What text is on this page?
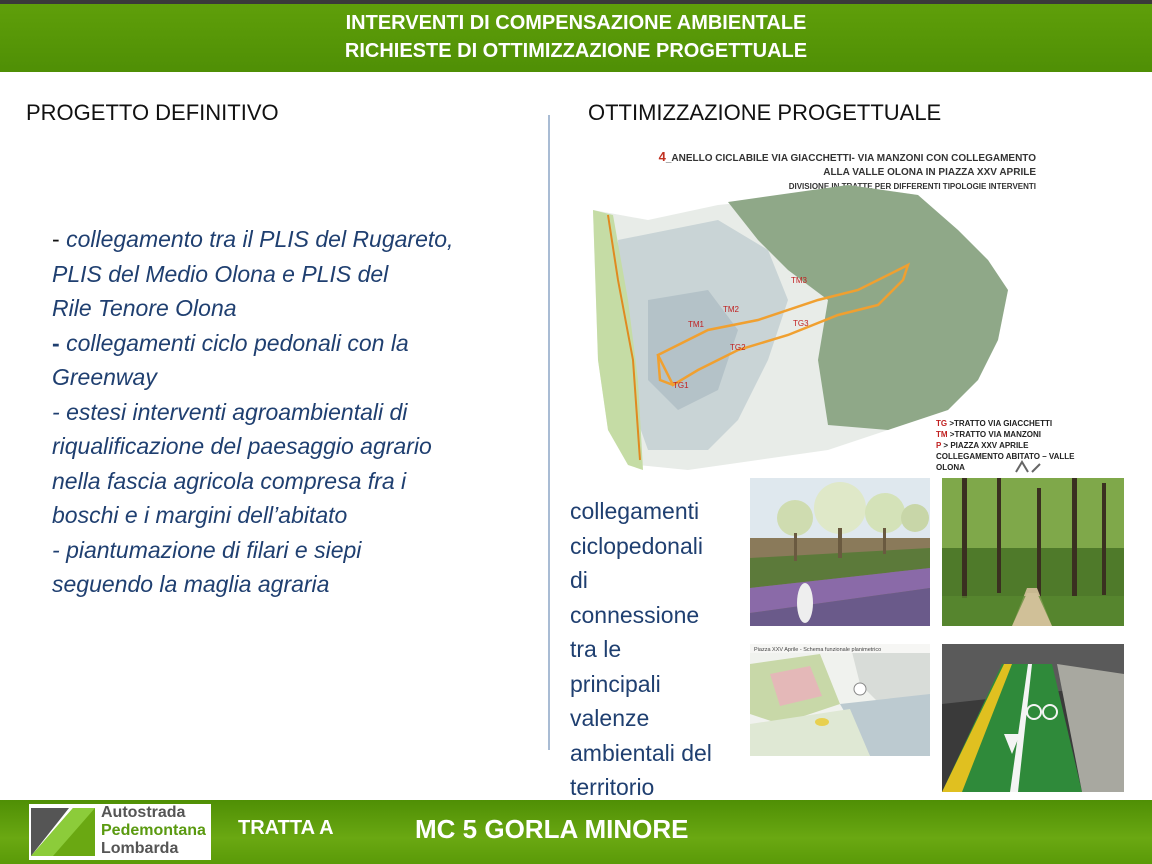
INTERVENTI DI COMPENSAZIONE AMBIENTALE
RICHIESTE DI OTTIMIZZAZIONE PROGETTUALE
PROGETTO DEFINITIVO	OTTIMIZZAZIONE PROGETTUALE
- collegamento tra il PLIS del Rugareto,
PLIS del Medio Olona e PLIS del
Rile Tenore Olona
- collegamenti ciclo pedonali con la
Greenway
- estesi interventi agroambientali di
riqualificazione del paesaggio agrario
nella fascia agricola compresa fra i
boschi e i margini dell’abitato
- piantumazione di filari e siepi
seguendo la maglia agraria
4_ANELLO CICLABILE VIA GIACCHETTI- VIA MANZONI CON COLLEGAMENTO
ALLA VALLE OLONA IN PIAZZA XXV APRILE
DIVISIONE IN TRATTE PER DIFFERENTI TIPOLOGIE INTERVENTI
TM3
TM2
TM1	TG3
TG2
TG1
TG >TRATTO VIA GIACCHETTI
TM >TRATTO VIA MANZONI
P > PIAZZA XXV APRILE
COLLEGAMENTO ABITATO – VALLE
OLONA
collegamenti
ciclopedonali
di
connessione
tra le
principali
valenze
ambientali del
territorio
Piazza XXV Aprile - Schema funzionale planimetrico
Autostrada
Pedemontana
Lombarda
TRATTA A	MC 5 GORLA MINORE
